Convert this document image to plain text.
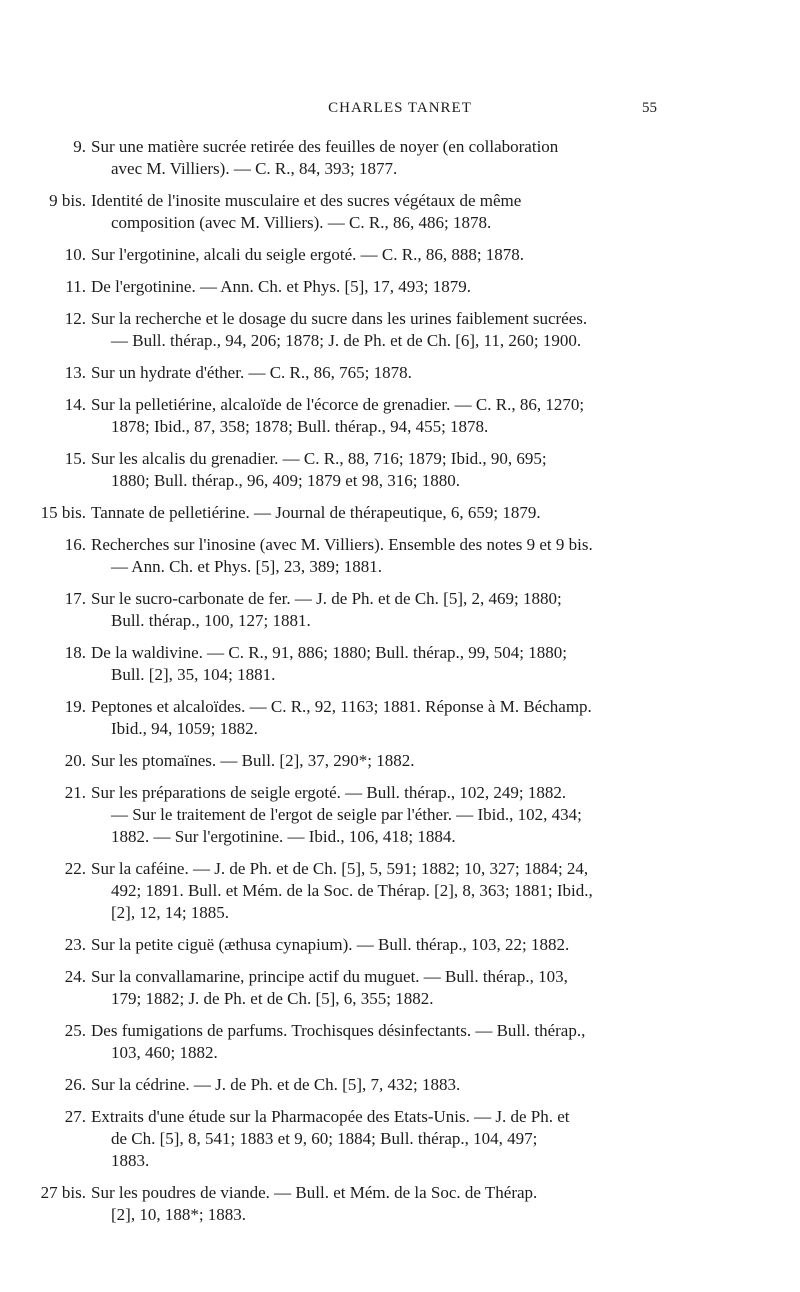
CHARLES TANRET	55
9. Sur une matière sucrée retirée des feuilles de noyer (en collaboration
avec M. Villiers). — C. R., 84, 393; 1877.
9 bis. Identité de l'inosite musculaire et des sucres végétaux de même
composition (avec M. Villiers). — C. R., 86, 486; 1878.
10. Sur l'ergotinine, alcali du seigle ergoté. — C. R., 86, 888; 1878.
11. De l'ergotinine. — Ann. Ch. et Phys. [5], 17, 493; 1879.
12. Sur la recherche et le dosage du sucre dans les urines faiblement sucrées.
— Bull. thérap., 94, 206; 1878; J. de Ph. et de Ch. [6], 11, 260; 1900.
13. Sur un hydrate d'éther. — C. R., 86, 765; 1878.
14. Sur la pelletiérine, alcaloïde de l'écorce de grenadier. — C. R., 86, 1270;
1878; Ibid., 87, 358; 1878; Bull. thérap., 94, 455; 1878.
15. Sur les alcalis du grenadier. — C. R., 88, 716; 1879; Ibid., 90, 695;
1880; Bull. thérap., 96, 409; 1879 et 98, 316; 1880.
15 bis. Tannate de pelletiérine. — Journal de thérapeutique, 6, 659; 1879.
16. Recherches sur l'inosine (avec M. Villiers). Ensemble des notes 9 et 9 bis.
— Ann. Ch. et Phys. [5], 23, 389; 1881.
17. Sur le sucro-carbonate de fer. — J. de Ph. et de Ch. [5], 2, 469; 1880;
Bull. thérap., 100, 127; 1881.
18. De la waldivine. — C. R., 91, 886; 1880; Bull. thérap., 99, 504; 1880;
Bull. [2], 35, 104; 1881.
19. Peptones et alcaloïdes. — C. R., 92, 1163; 1881. Réponse à M. Béchamp.
Ibid., 94, 1059; 1882.
20. Sur les ptomaïnes. — Bull. [2], 37, 290*; 1882.
21. Sur les préparations de seigle ergoté. — Bull. thérap., 102, 249; 1882.
— Sur le traitement de l'ergot de seigle par l'éther. — Ibid., 102, 434;
1882. — Sur l'ergotinine. — Ibid., 106, 418; 1884.
22. Sur la caféine. — J. de Ph. et de Ch. [5], 5, 591; 1882; 10, 327; 1884; 24,
492; 1891. Bull. et Mém. de la Soc. de Thérap. [2], 8, 363; 1881; Ibid.,
[2], 12, 14; 1885.
23. Sur la petite ciguë (æthusa cynapium). — Bull. thérap., 103, 22; 1882.
24. Sur la convallamarine, principe actif du muguet. — Bull. thérap., 103,
179; 1882; J. de Ph. et de Ch. [5], 6, 355; 1882.
25. Des fumigations de parfums. Trochisques désinfectants. — Bull. thérap.,
103, 460; 1882.
26. Sur la cédrine. — J. de Ph. et de Ch. [5], 7, 432; 1883.
27. Extraits d'une étude sur la Pharmacopée des Etats-Unis. — J. de Ph. et
de Ch. [5], 8, 541; 1883 et 9, 60; 1884; Bull. thérap., 104, 497;
1883.
27 bis. Sur les poudres de viande. — Bull. et Mém. de la Soc. de Thérap.
[2], 10, 188*; 1883.
